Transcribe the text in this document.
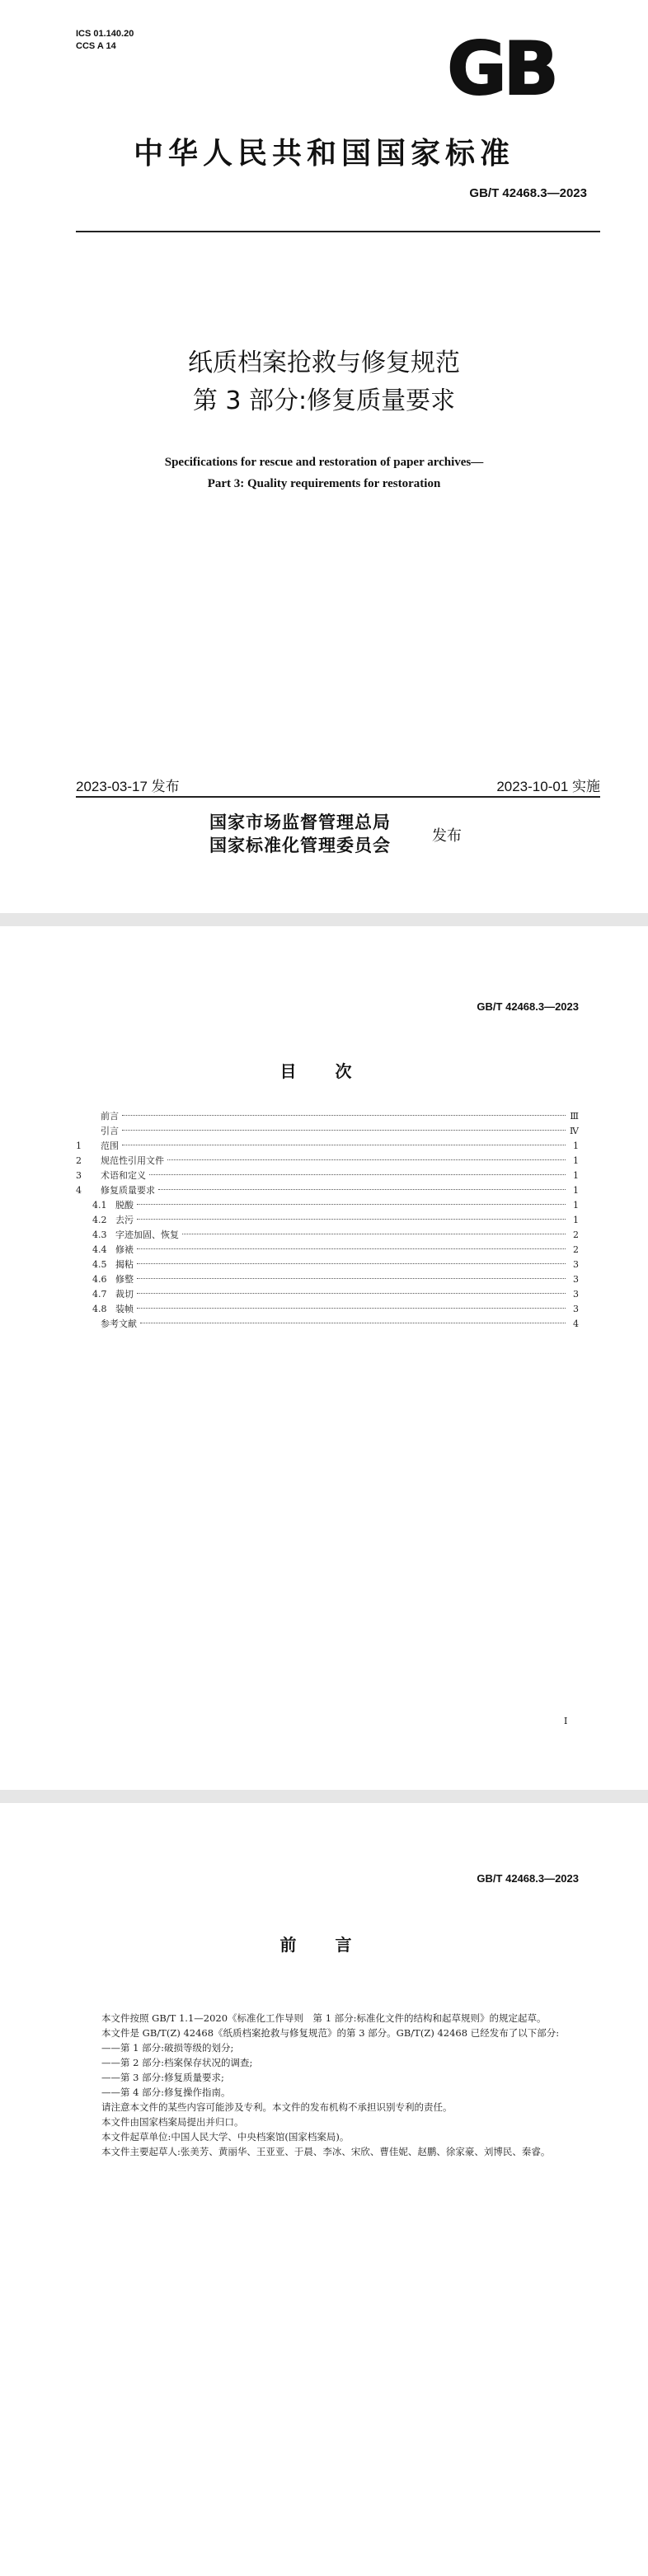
ICS 01.140.20
CCS A 14	GB
中华人民共和国国家标准
GB/T 42468.3—2023
纸质档案抢救与修复规范
第 3 部分:修复质量要求
Specifications for rescue and restoration of paper archives—
Part 3: Quality requirements for restoration
2023-03-17 发布	2023-10-01 实施
国家市场监督管理总局
国家标准化管理委员会	发布
GB/T 42468.3—2023
目 次
前言	Ⅲ
引言	Ⅳ
1	范围	1
2	规范性引用文件	1
3	术语和定义	1
4	修复质量要求	1
4.1 脱酸	1
4.2 去污	1
4.3 字迹加固、恢复	2
4.4 修裱	2
4.5 揭粘	3
4.6 修整	3
4.7 裁切	3
4.8 装帧	3
参考文献	4
Ⅰ
GB/T 42468.3—2023
前 言

本文件按照 GB/T 1.1—2020《标准化工作导则　第 1 部分:标准化文件的结构和起草规则》的规定起草。

本文件是 GB/T(Z) 42468《纸质档案抢救与修复规范》的第 3 部分。GB/T(Z) 42468 已经发布了以下部分:

——第 1 部分:破损等级的划分;

——第 2 部分:档案保存状况的调查;

——第 3 部分:修复质量要求;

——第 4 部分:修复操作指南。

请注意本文件的某些内容可能涉及专利。本文件的发布机构不承担识别专利的责任。

本文件由国家档案局提出并归口。

本文件起草单位:中国人民大学、中央档案馆(国家档案局)。

本文件主要起草人:张美芳、黄丽华、王亚亚、于晨、李冰、宋欣、曹佳妮、赵鹏、徐家豪、刘博民、秦睿。
